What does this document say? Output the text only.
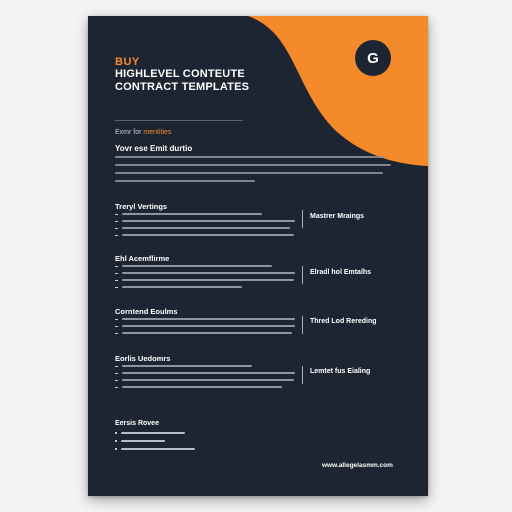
G
BUY
HIGHLEVEL CONTEUTE
CONTRACT TEMPLATES
Exmr for mentities
Yovr ese Emit durtio
Treryl Vertings
Mastrer Mraings
Ehl Acemflirme
Elradl hol Emtalhs
Corntend Eoulms
Thred Lod Rereding
Eorlis Uedomrs
Lemtet fus Eialing
Eersis Rovee
www.allegelasmm.com
